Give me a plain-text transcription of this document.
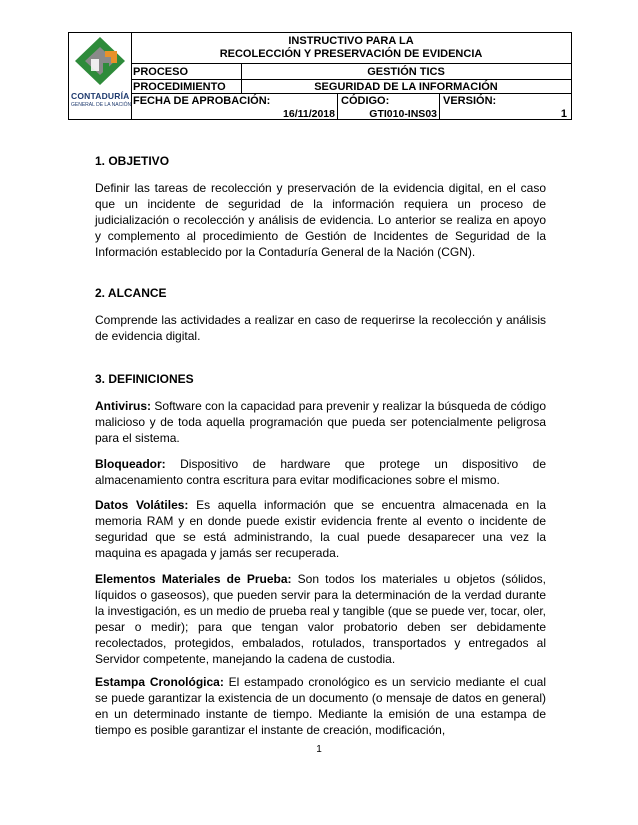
CONTADURÍA
GENERAL DE LA NACIÓN
INSTRUCTIVO PARA LA
RECOLECCIÓN Y PRESERVACIÓN DE EVIDENCIA
PROCESO	GESTIÓN TICS
PROCEDIMIENTO	SEGURIDAD DE LA INFORMACIÓN
FECHA DE APROBACIÓN:
16/11/2018
CÓDIGO:
GTI010-INS03
VERSIÓN:
1
1. OBJETIVO
Definir las tareas de recolección y preservación de la evidencia digital, en el caso que un incidente de seguridad de la información requiera un proceso de judicialización o recolección y análisis de evidencia. Lo anterior se realiza en apoyo y complemento al procedimiento de Gestión de Incidentes de Seguridad de la Información establecido por la Contaduría General de la Nación (CGN).
2. ALCANCE
Comprende las actividades a realizar en caso de requerirse la recolección y análisis de evidencia digital.
3. DEFINICIONES
Antivirus: Software con la capacidad para prevenir y realizar la búsqueda de código malicioso y de toda aquella programación que pueda ser potencialmente peligrosa para el sistema.
Bloqueador: Dispositivo de hardware que protege un dispositivo de almacenamiento contra escritura para evitar modificaciones sobre el mismo.
Datos Volátiles: Es aquella información que se encuentra almacenada en la memoria RAM y en donde puede existir evidencia frente al evento o incidente de seguridad que se está administrando, la cual puede desaparecer una vez la maquina es apagada y jamás ser recuperada.
Elementos Materiales de Prueba: Son todos los materiales u objetos (sólidos, líquidos o gaseosos), que pueden servir para la determinación de la verdad durante la investigación, es un medio de prueba real y tangible (que se puede ver, tocar, oler, pesar o medir); para que tengan valor probatorio deben ser debidamente recolectados, protegidos, embalados, rotulados, transportados y entregados al Servidor competente, manejando la cadena de custodia.
Estampa Cronológica: El estampado cronológico es un servicio mediante el cual se puede garantizar la existencia de un documento (o mensaje de datos en general) en un determinado instante de tiempo. Mediante la emisión de una estampa de tiempo es posible garantizar el instante de creación, modificación,
1
